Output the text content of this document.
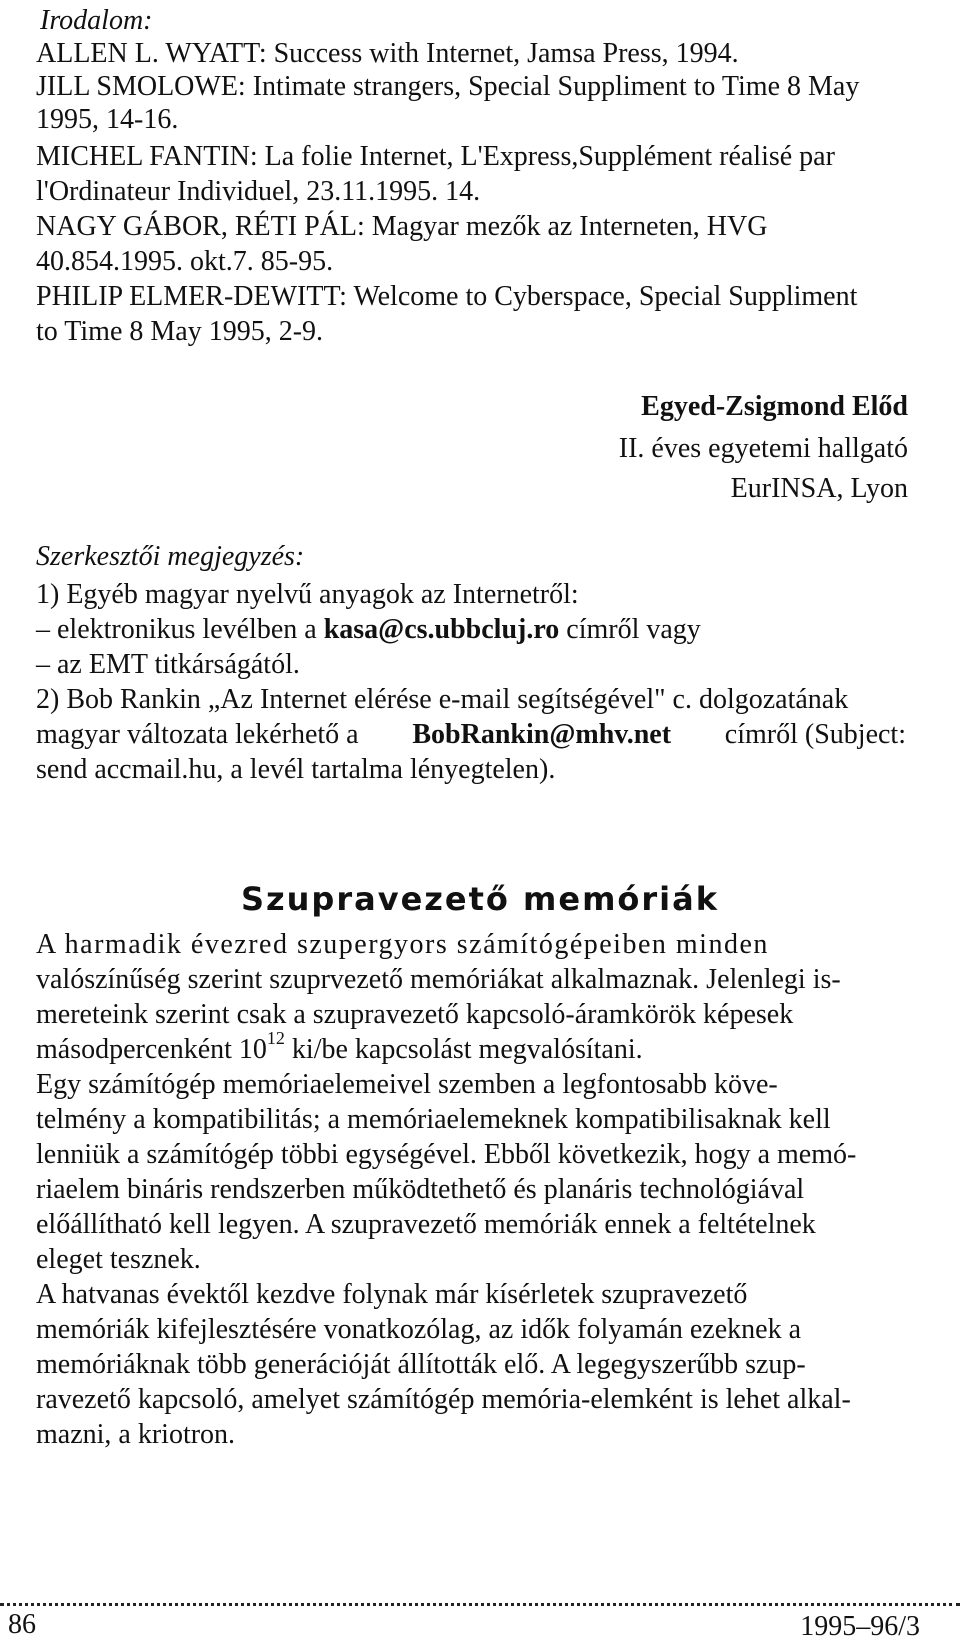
Irodalom:
ALLEN L. WYATT: Success with Internet, Jamsa Press, 1994.
JILL SMOLOWE: Intimate strangers, Special Suppliment to Time 8 May
1995, 14-16.
MICHEL FANTIN: La folie Internet, L'Express,Supplément réalisé par
l'Ordinateur Individuel, 23.11.1995. 14.
NAGY GÁBOR, RÉTI PÁL: Magyar mezők az Interneten, HVG
40.854.1995. okt.7. 85-95.
PHILIP ELMER-DEWITT: Welcome to Cyberspace, Special Suppliment
to Time 8 May 1995, 2-9.
Egyed-Zsigmond Előd
II. éves egyetemi hallgató
EurINSA, Lyon
Szerkesztői megjegyzés:
1) Egyéb magyar nyelvű anyagok az Internetről:
– elektronikus levélben a kasa@cs.ubbcluj.ro címről vagy
– az EMT titkárságától.
2) Bob Rankin „Az Internet elérése e-mail segítségével" c. dolgozatának
magyar változata lekérhető a BobRankin@mhv.net címről (Subject:
send accmail.hu, a levél tartalma lényegtelen).
Szupravezető memóriák
A harmadik évezred szupergyors számítógépeiben minden
valószínűség szerint szuprvezető memóriákat alkalmaznak. Jelenlegi is-
mereteink szerint csak a szupravezető kapcsoló-áramkörök képesek
másodpercenként $10^{12}$ ki/be kapcsolást megvalósítani.
Egy számítógép memóriaelemeivel szemben a legfontosabb köve-
telmény a kompatibilitás; a memóriaelemeknek kompatibilisaknak kell
lenniük a számítógép többi egységével. Ebből következik, hogy a memó-
riaelem bináris rendszerben működtethető és planáris technológiával
előállítható kell legyen. A szupravezető memóriák ennek a feltételnek
eleget tesznek.
A hatvanas évektől kezdve folynak már kísérletek szupravezető
memóriák kifejlesztésére vonatkozólag, az idők folyamán ezeknek a
memóriáknak több generációját állították elő. A legegyszerűbb szup-
ravezető kapcsoló, amelyet számítógép memória-elemként is lehet alkal-
mazni, a kriotron.
86	1995–96/3
